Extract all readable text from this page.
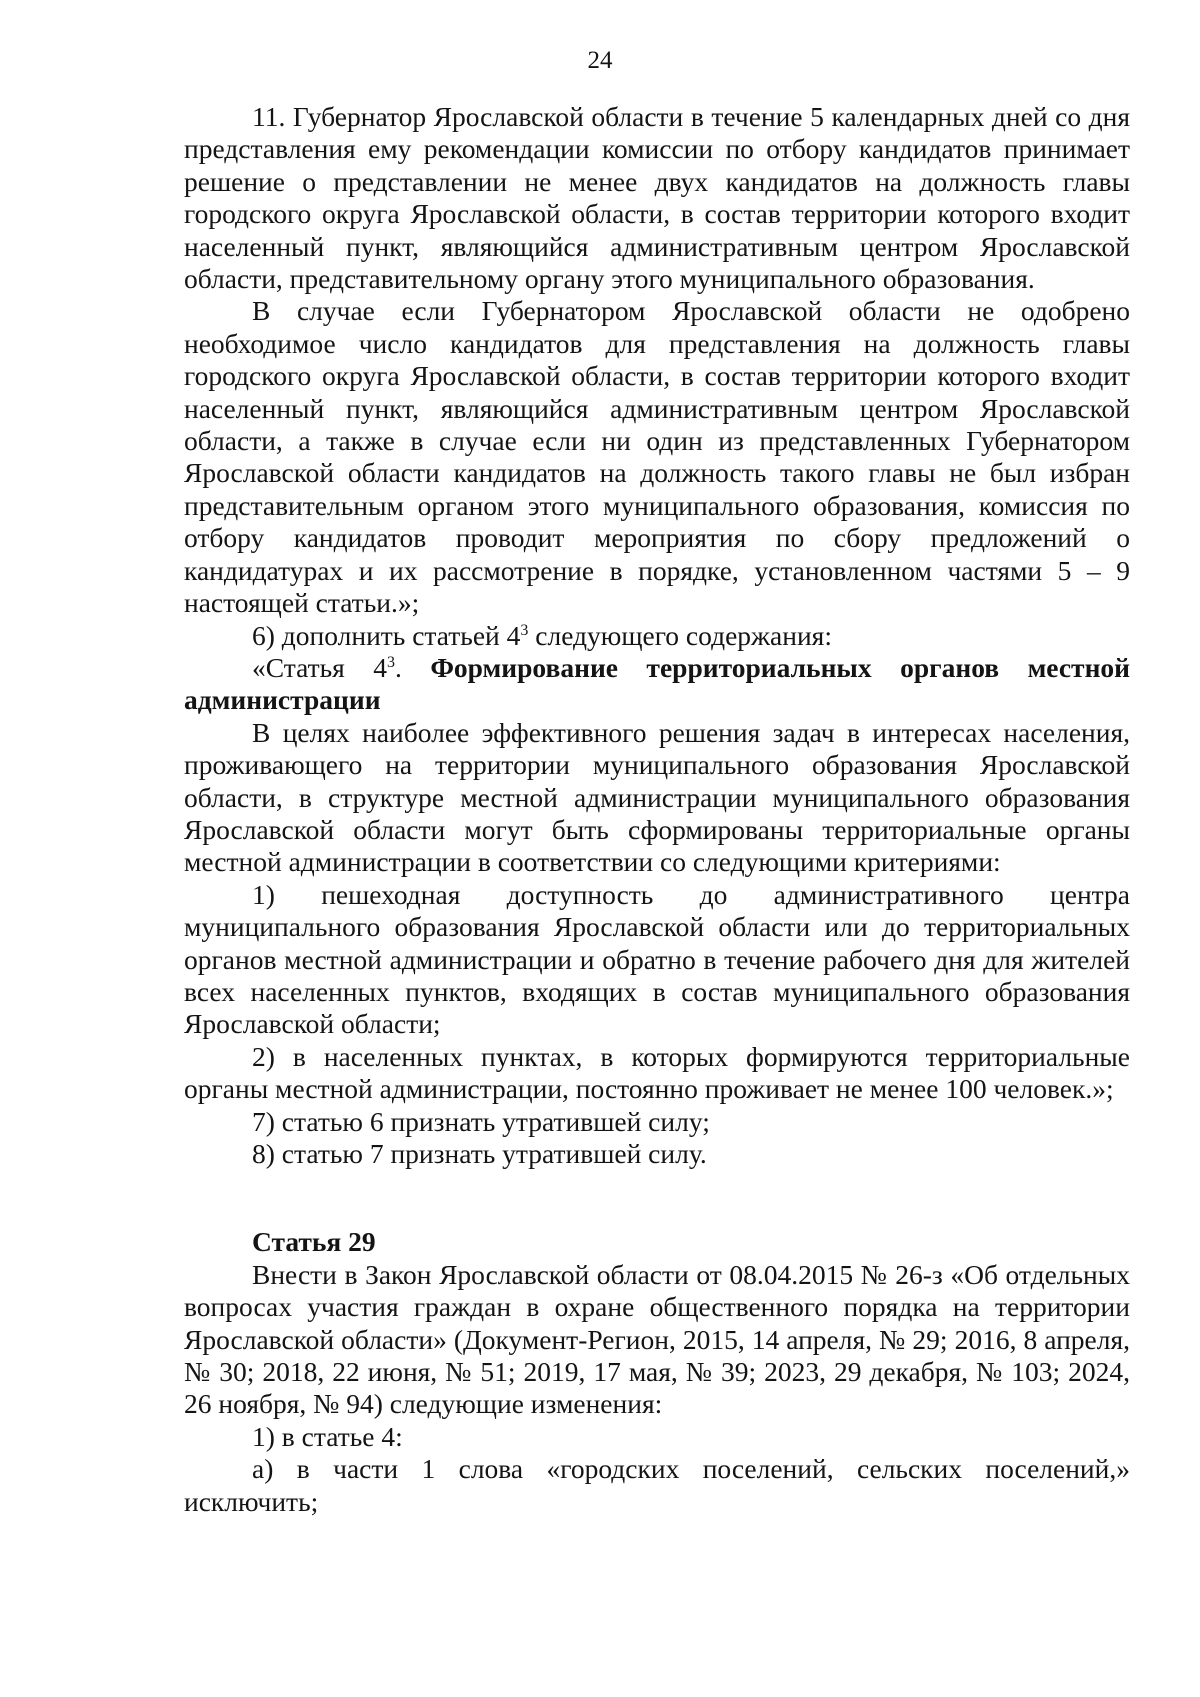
24

11. Губернатор Ярославской области в течение 5 календарных дней со дня представления ему рекомендации комиссии по отбору кандидатов принимает решение о представлении не менее двух кандидатов на должность главы городского округа Ярославской области, в состав территории которого входит населенный пункт, являющийся административным центром Ярославской области, представительному органу этого муниципального образования.

В случае если Губернатором Ярославской области не одобрено необходимое число кандидатов для представления на должность главы городского округа Ярославской области, в состав территории которого входит населенный пункт, являющийся административным центром Ярославской области, а также в случае если ни один из представленных Губернатором Ярославской области кандидатов на должность такого главы не был избран представительным органом этого муниципального образования, комиссия по отбору кандидатов проводит мероприятия по сбору предложений о кандидатурах и их рассмотрение в порядке, установленном частями 5 – 9 настоящей статьи.»;

6) дополнить статьей $4^3$ следующего содержания:

«Статья $4^3$. Формирование территориальных органов местной администрации

В целях наиболее эффективного решения задач в интересах населения, проживающего на территории муниципального образования Ярославской области, в структуре местной администрации муниципального образования Ярославской области могут быть сформированы территориальные органы местной администрации в соответствии со следующими критериями:

1) пешеходная доступность до административного центра муниципального образования Ярославской области или до территориальных органов местной администрации и обратно в течение рабочего дня для жителей всех населенных пунктов, входящих в состав муниципального образования Ярославской области;

2) в населенных пунктах, в которых формируются территориальные органы местной администрации, постоянно проживает не менее 100 человек.»;

7) статью 6 признать утратившей силу;

8) статью 7 признать утратившей силу.

Статья 29

Внести в Закон Ярославской области от 08.04.2015 № 26-з «Об отдельных вопросах участия граждан в охране общественного порядка на территории Ярославской области» (Документ-Регион, 2015, 14 апреля, № 29; 2016, 8 апреля, № 30; 2018, 22 июня, № 51; 2019, 17 мая, № 39; 2023, 29 декабря, № 103; 2024, 26 ноября, № 94) следующие изменения:

1) в статье 4:

а) в части 1 слова «городских поселений, сельских поселений,» исключить;
